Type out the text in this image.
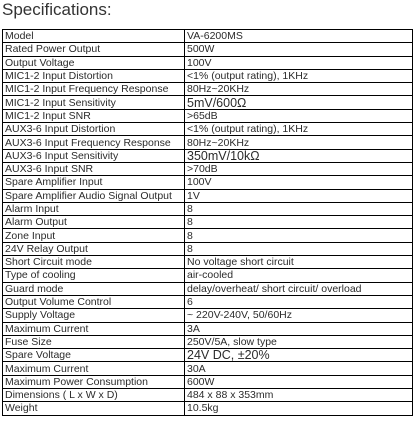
Specifications:
Model	VA-6200MS
Rated Power Output	500W
Output Voltage	100V
MIC1-2 Input Distortion	<1% (output rating), 1KHz
MIC1-2 Input Frequency Response	80Hz~20KHz
MIC1-2 Input Sensitivity	5mV/600Ω
MIC1-2 Input SNR	>65dB
AUX3-6 Input Distortion	<1% (output rating), 1KHz
AUX3-6 Input Frequency Response	80Hz~20KHz
AUX3-6 Input Sensitivity	350mV/10kΩ
AUX3-6 Input SNR	>70dB
Spare Amplifier Input	100V
Spare Amplifier Audio Signal Output	1V
Alarm Input	8
Alarm Output	8
Zone Input	8
24V Relay Output	8
Short Circuit mode	No voltage short circuit
Type of cooling	air-cooled
Guard mode	delay/overheat/ short circuit/ overload
Output Volume Control	6
Supply Voltage	~ 220V-240V, 50/60Hz
Maximum Current	3A
Fuse Size	250V/5A, slow type
Spare Voltage	24V DC, ±20%
Maximum Current	30A
Maximum Power Consumption	600W
Dimensions ( L x W x D)	484 x 88 x 353mm
Weight	10.5kg
